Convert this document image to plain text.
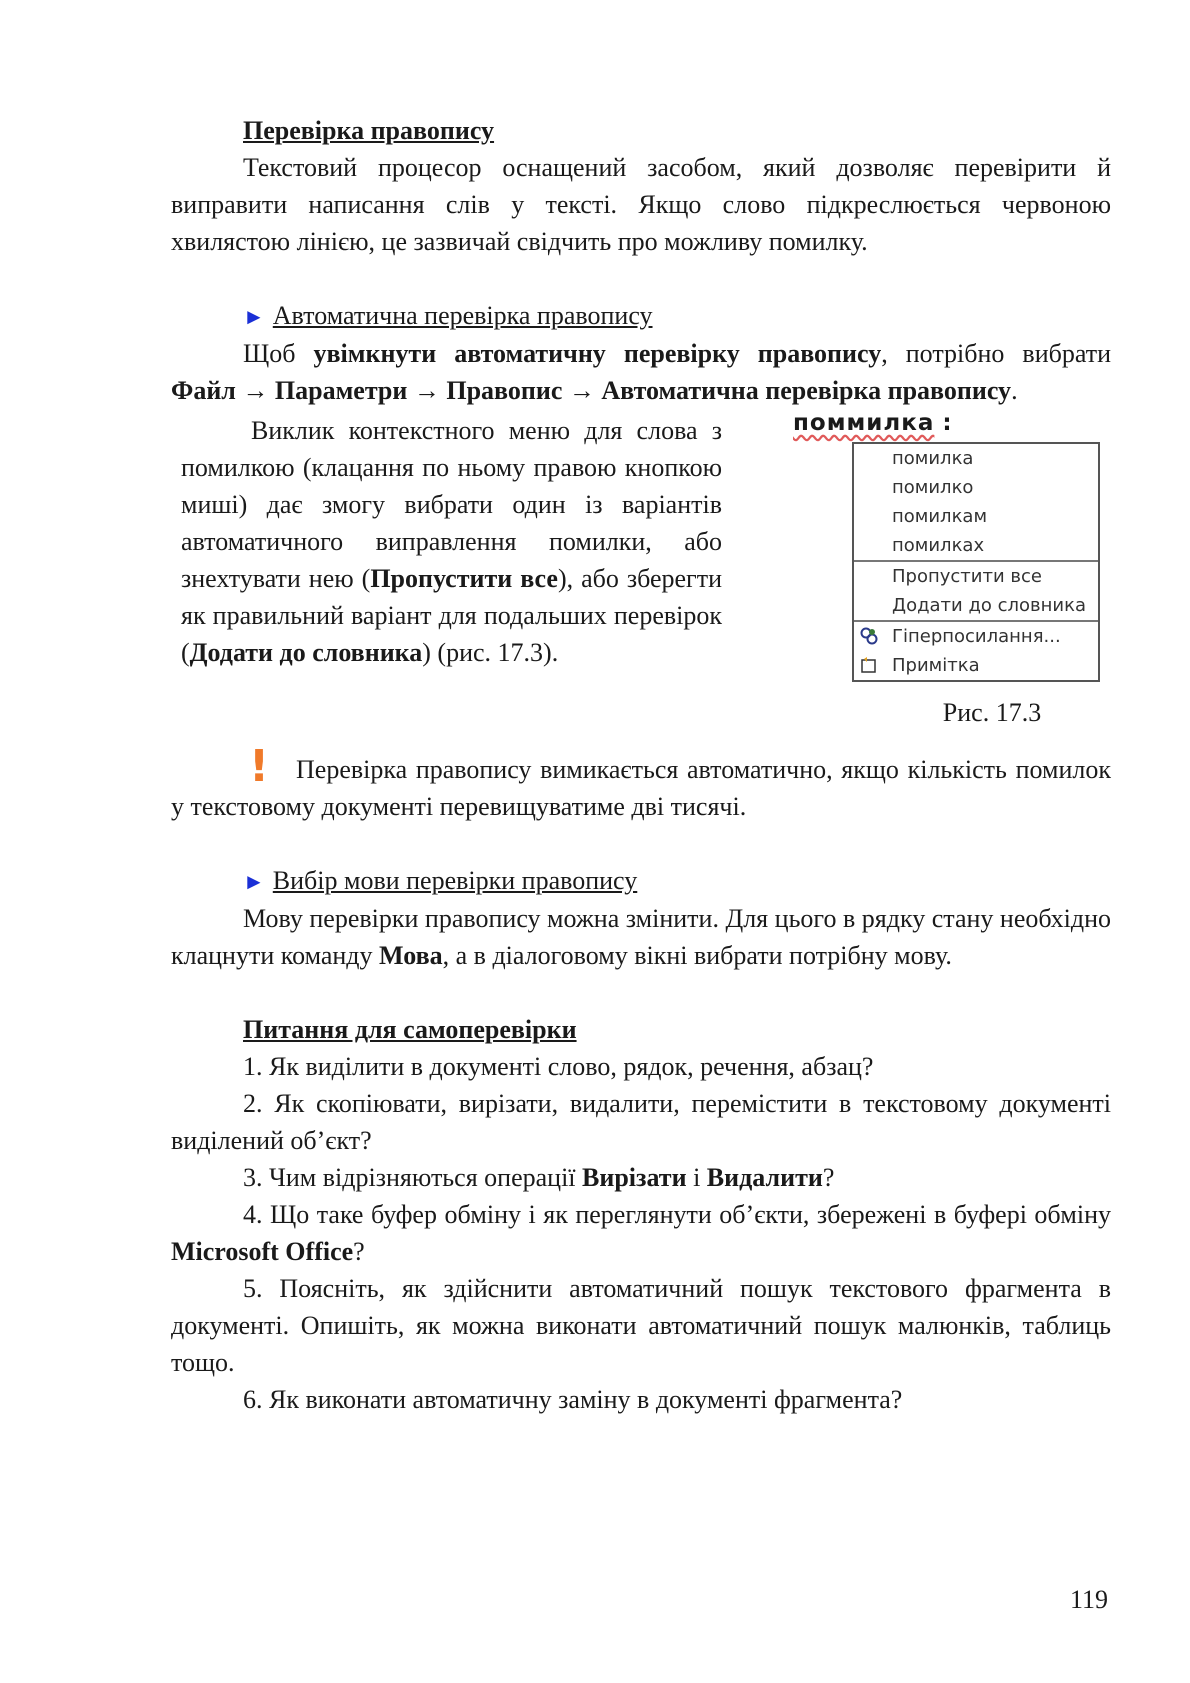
Перевірка правопису

Текстовий процесор оснащений засобом, який дозволяє перевірити й виправити написання слів у тексті. Якщо слово підкреслюється червоною хвилястою лінією, це зазвичай свідчить про можливу помилку.

► Автоматична перевірка правопису

Щоб увімкнути автоматичну перевірку правопису, потрібно вибрати Файл → Параметри → Правопис → Автоматична перевірка правопису.

Виклик контекстного меню для слова з помилкою (клацання по ньому правою кнопкою миші) дає змогу вибрати один із варіантів автоматичного виправлення помилки, або знехтувати нею (Пропустити все), або зберегти як правильний варіант для подальших перевірок (Додати до словника) (рис. 17.3).

поммилка :
помилка
помилко
помилкам
помилках
Пропустити все
Додати до словника
Гіперпосилання...
Примітка
Рис. 17.3
!	Перевірка правопису вимикається автоматично, якщо кількість помилок у текстовому документі перевищуватиме дві тисячі.

► Вибір мови перевірки правопису

Мову перевірки правопису можна змінити. Для цього в рядку стану необхідно клацнути команду Мова, а в діалоговому вікні вибрати потрібну мову.

Питання для самоперевірки

1. Як виділити в документі слово, рядок, речення, абзац?

2. Як скопіювати, вирізати, видалити, перемістити в текстовому документі виділений об’єкт?

3. Чим відрізняються операції Вирізати і Видалити?

4. Що таке буфер обміну і як переглянути об’єкти, збережені в буфері обміну Microsoft Office?

5. Поясніть, як здійснити автоматичний пошук текстового фрагмента в документі. Опишіть, як можна виконати автоматичний пошук малюнків, таблиць тощо.

6. Як виконати автоматичну заміну в документі фрагмента?

119
